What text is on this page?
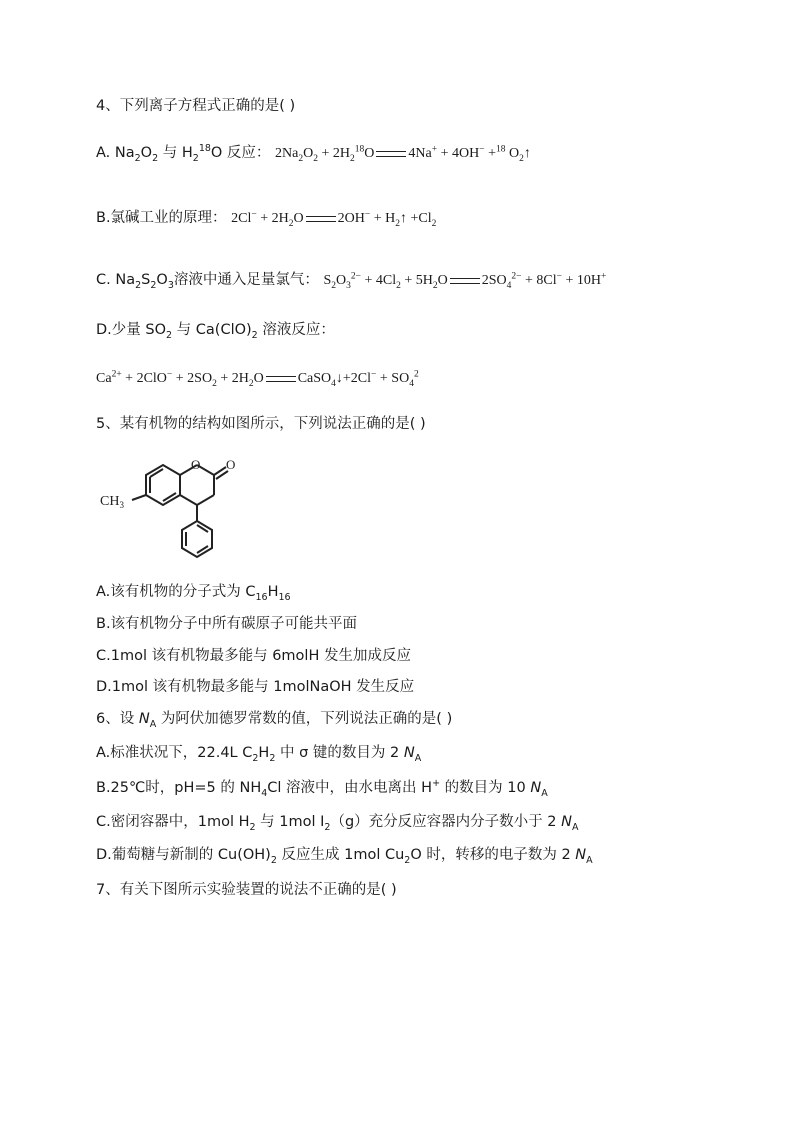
4、下列离子方程式正确的是( )
A. $Na_2O_2$ 与 $H_2^{18}O$ 反应： $2Na_2O_2 + 2H_2^{18}O$ 4Na+ + 4OH− +$^{18}$ $O_2↑$
B.氯碱工业的原理： $2Cl^- + 2H_2O$ $2OH^- + H_2↑ +Cl_2$
C. $Na_2S_2O_3$溶液中通入足量氯气： $S_2O_3^{2-} + 4Cl_2 + 5H_2O$ $2SO_4^{2-} + 8Cl^- + 10H^+$
D.少量 $SO_2$ 与 $Ca(ClO)_2$ 溶液反应：
$Ca^{2+} + 2ClO^- + 2SO_2 + 2H_2O$ CaSO$_4$↓+2Cl− + $SO_4^2$
5、某有机物的结构如图所示，下列说法正确的是( )
O O
$CH_3$
A.该有机物的分子式为 $C_{16}H_{16}$
B.该有机物分子中所有碳原子可能共平面
C.1mol 该有机物最多能与 6molH 发生加成反应
D.1mol 该有机物最多能与 1molNaOH 发生反应
6、设 $N_A$ 为阿伏加德罗常数的值，下列说法正确的是( )
A.标准状况下，22.4L $C_2H_2$ 中 σ 键的数目为 2 $N_A$
B.25℃时，pH=5 的 $NH_4Cl$ 溶液中，由水电离出 H+ 的数目为 10 $N_A$
C.密闭容器中，1mol $H_2$ 与 1mol $I_2(g)$充分反应容器内分子数小于 2 $N_A$
D.葡萄糖与新制的 $Cu(OH)_2$ 反应生成 1mol $Cu_2O$ 时，转移的电子数为 2 $N_A$
7、有关下图所示实验装置的说法不正确的是( )
